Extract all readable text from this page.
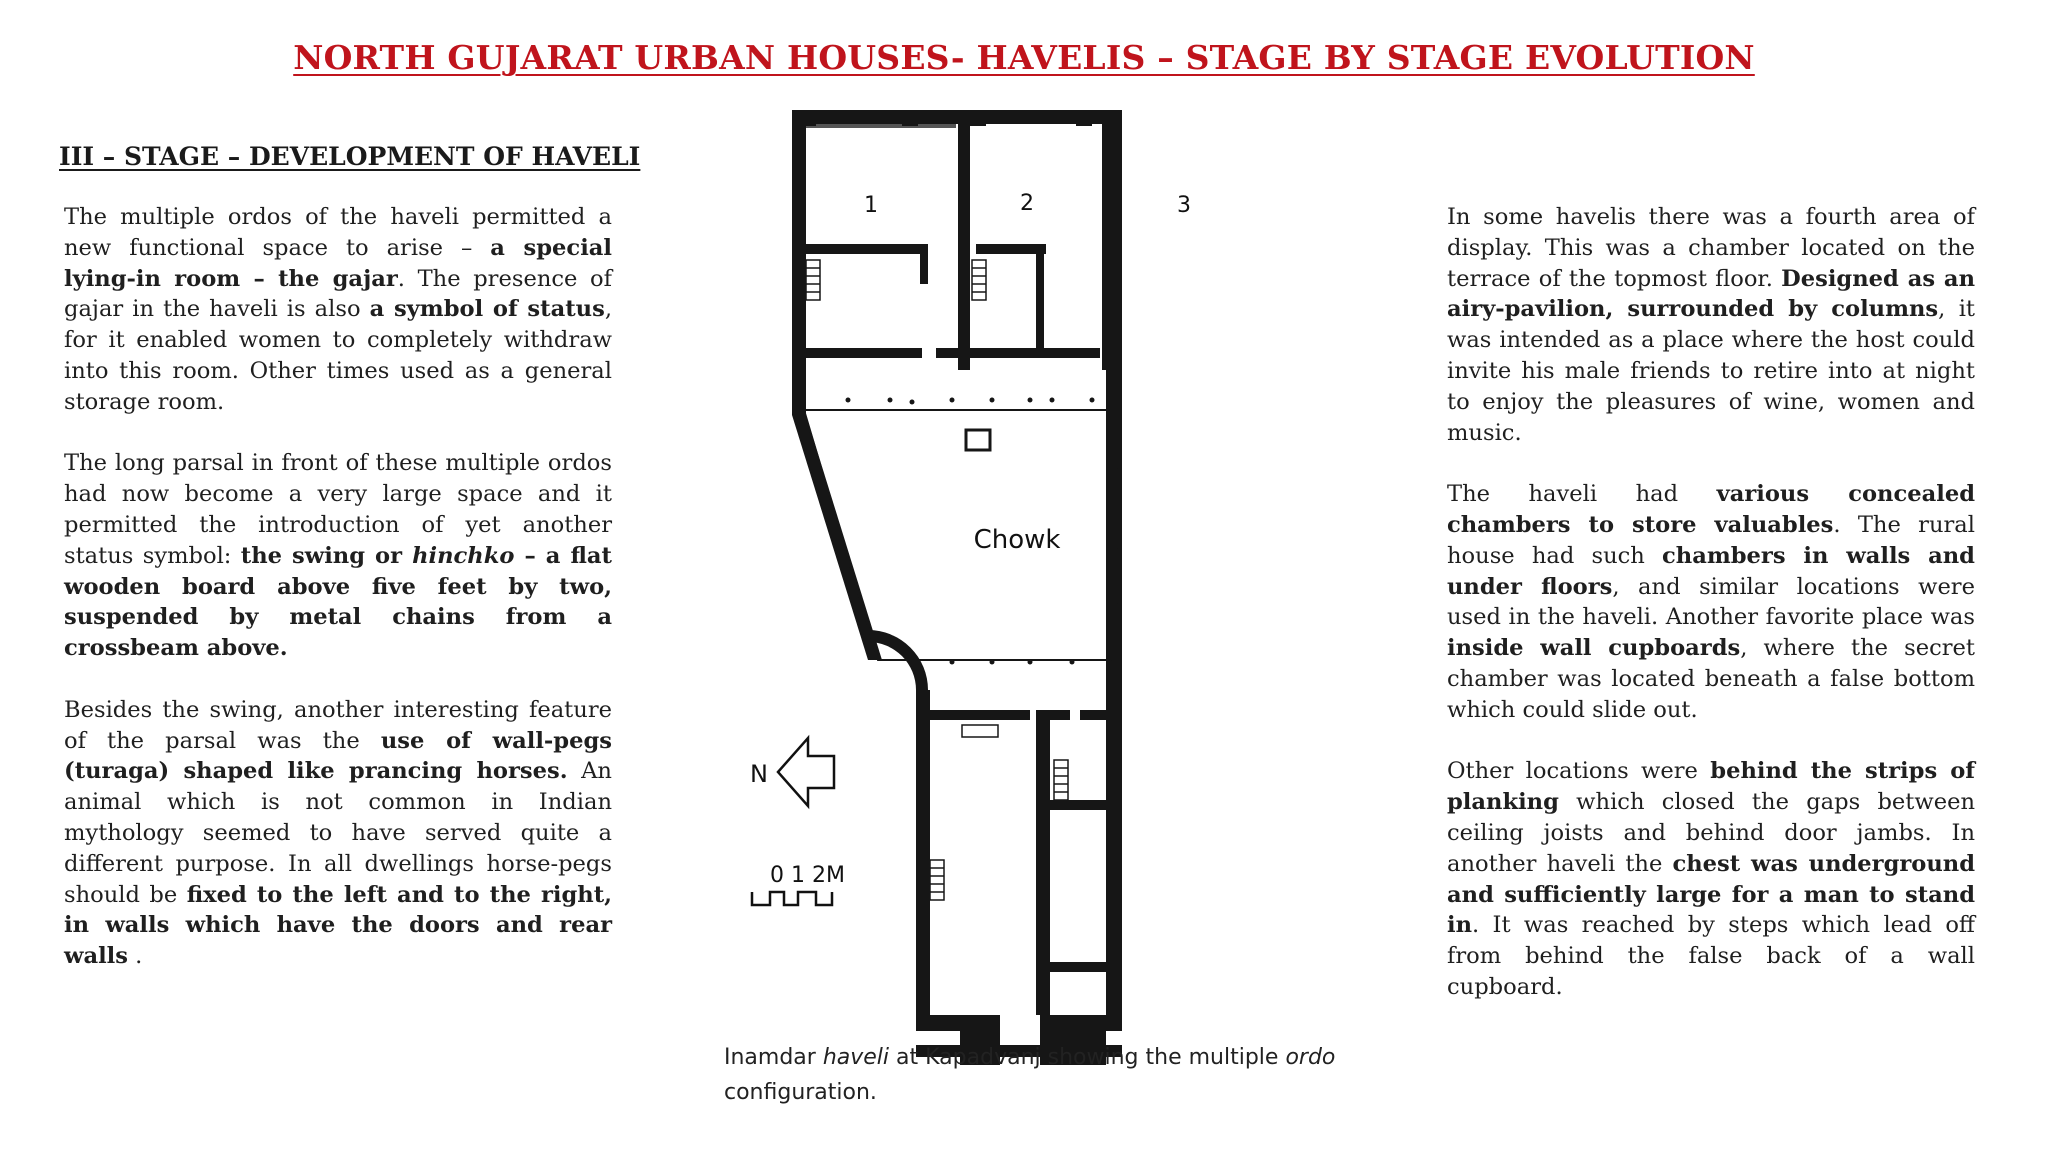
NORTH GUJARAT URBAN HOUSES- HAVELIS – STAGE BY STAGE EVOLUTION
III – STAGE – DEVELOPMENT OF HAVELI

The multiple ordos of the haveli permitted a new functional space to arise – a special lying-in room – the gajar. The presence of gajar in the haveli is also a symbol of status, for it enabled women to completely withdraw into this room. Other times used as a general storage room.

The long parsal in front of these multiple ordos had now become a very large space and it permitted the introduction of yet another status symbol: the swing or hinchko – a flat wooden board above five feet by two, suspended by metal chains from a crossbeam above.

Besides the swing, another interesting feature of the parsal was the use of wall-pegs (turaga) shaped like prancing horses. An animal which is not common in Indian mythology seemed to have served quite a different purpose. In all dwellings horse-pegs should be fixed to the left and to the right, in walls which have the doors and rear walls .

1	2	3
Chowk
N
0 1 2M
Inamdar haveli at Kapadvanj showing the multiple ordo
configuration.

In some havelis there was a fourth area of display. This was a chamber located on the terrace of the topmost floor. Designed as an airy-pavilion, surrounded by columns, it was intended as a place where the host could invite his male friends to retire into at night to enjoy the pleasures of wine, women and music.

The haveli had various concealed chambers to store valuables. The rural house had such chambers in walls and under floors, and similar locations were used in the haveli. Another favorite place was inside wall cupboards, where the secret chamber was located beneath a false bottom which could slide out.

Other locations were behind the strips of planking which closed the gaps between ceiling joists and behind door jambs. In another haveli the chest was underground and sufficiently large for a man to stand in. It was reached by steps which lead off from behind the false back of a wall cupboard.
